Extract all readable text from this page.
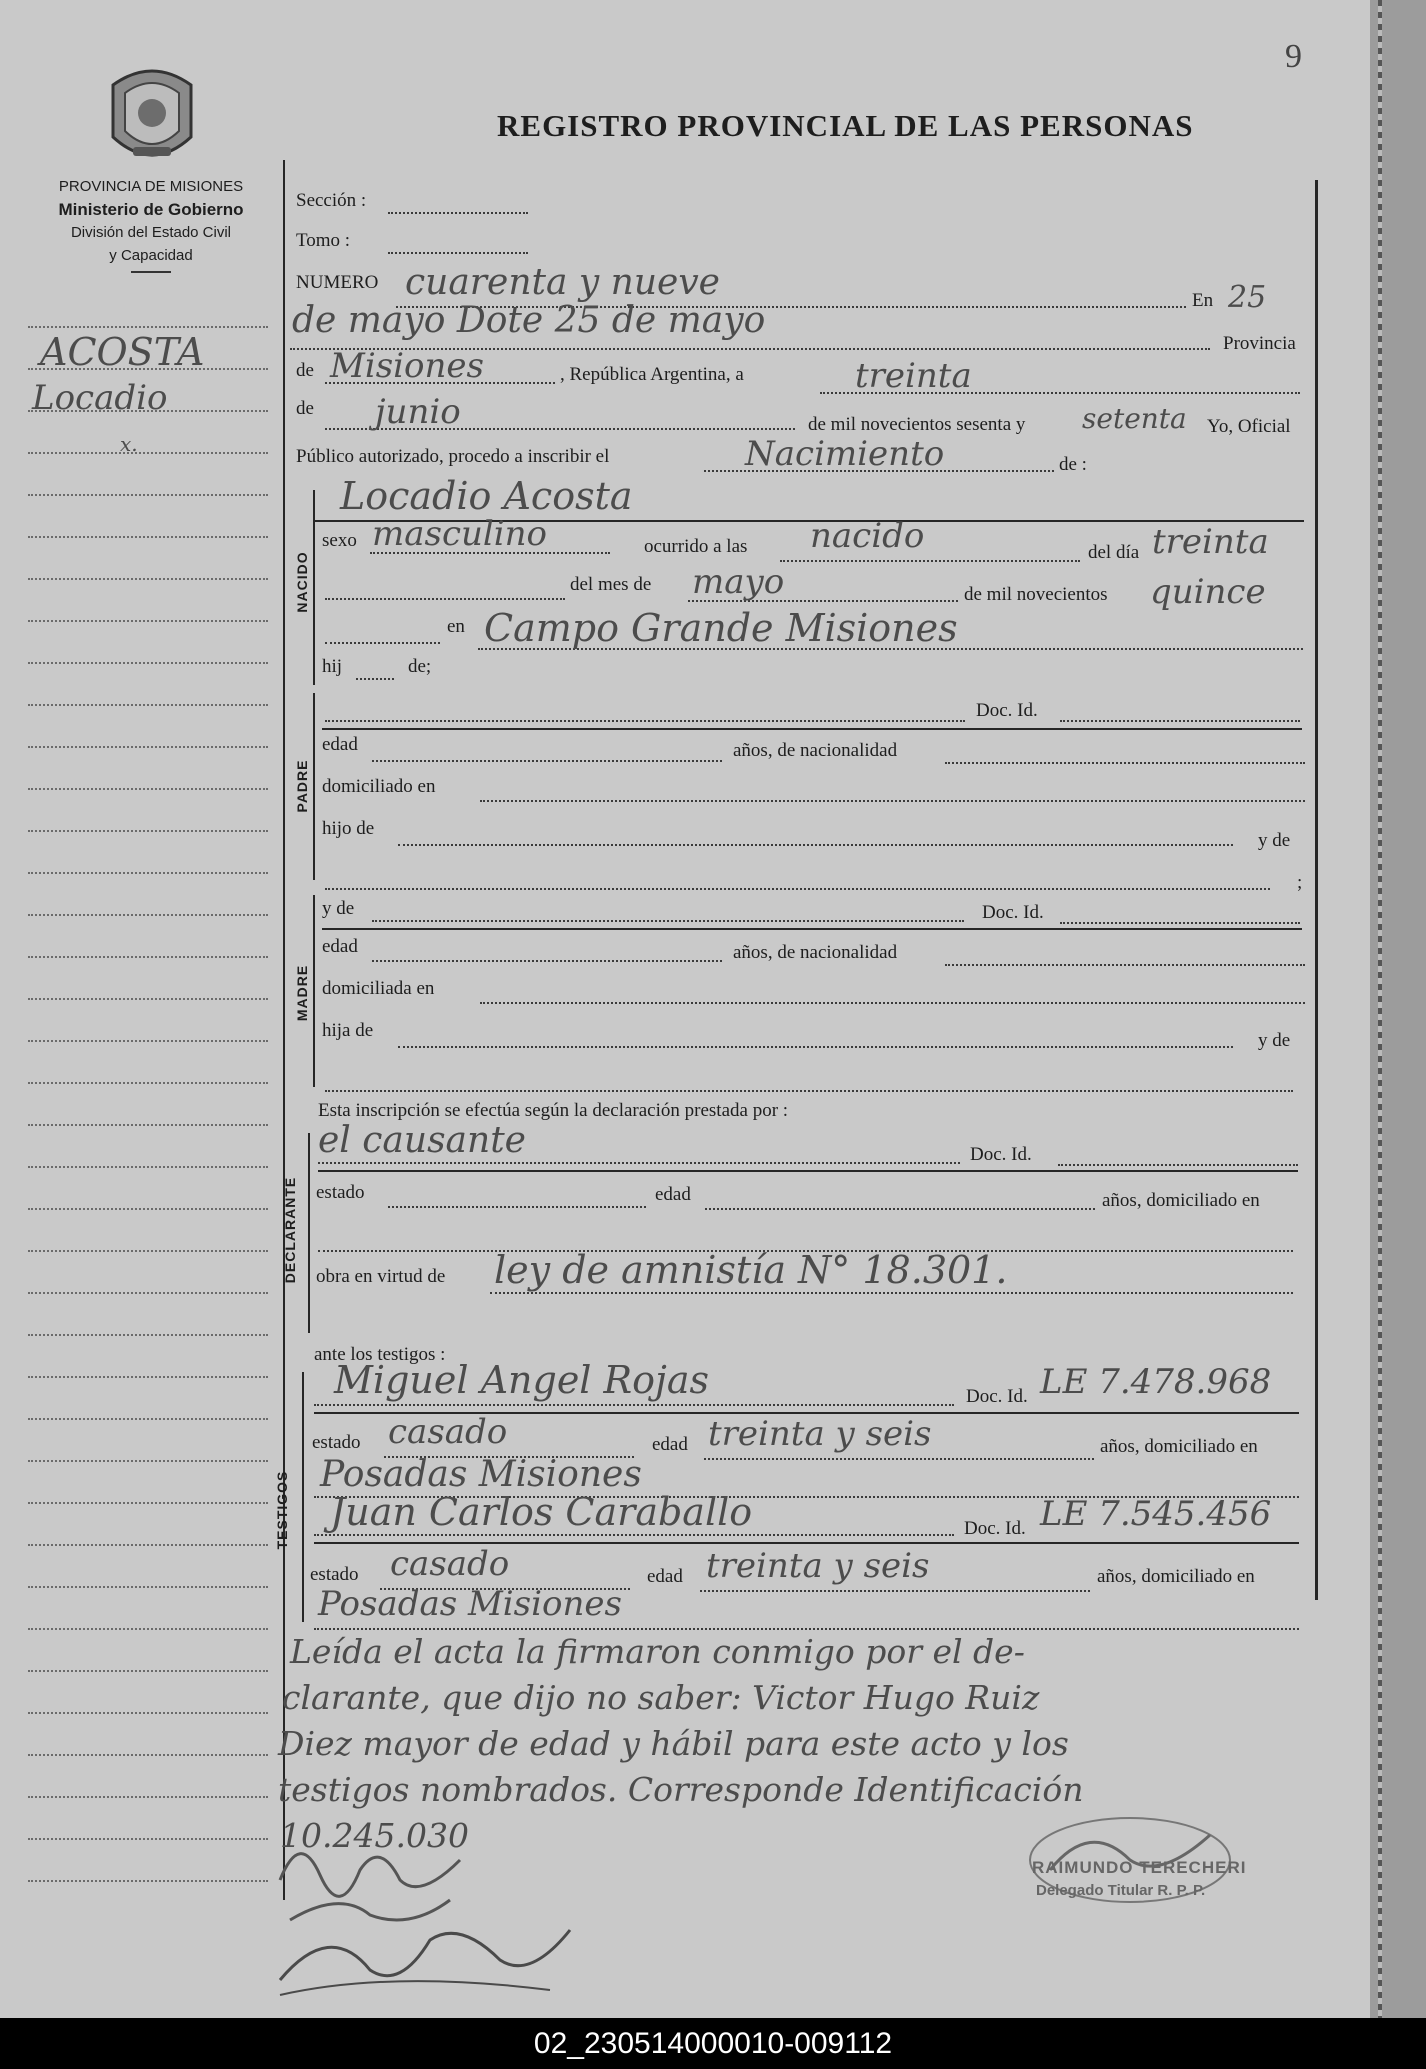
9
REGISTRO PROVINCIAL DE LAS PERSONAS
PROVINCIA DE MISIONES
Ministerio de Gobierno
División del Estado Civil
y Capacidad
ACOSTA
Locadio
x.
Sección :
Tomo :
NUMERO cuarenta y nueve	En 25
de mayo Dote 25 de mayo
Provincia
de Misiones	, República Argentina, a	treinta
de junio	de mil novecientos sesenta y setenta Yo, Oficial
Público autorizado, procedo a inscribir el	Nacimiento	de :
Locadio Acosta
NACIDO
sexo masculino	ocurrido a las nacido	del día treinta
del mes de mayo	de mil novecientos quince
en Campo Grande Misiones
hij	de;
PADRE
Doc. Id.
edad	años, de nacionalidad
domiciliado en
hijo de
y de
;
MADRE
y de	Doc. Id.
edad	años, de nacionalidad
domiciliada en
hija de	y de
Esta inscripción se efectúa según la declaración prestada por :
DECLARANTE
el causante	Doc. Id.
estado	edad	años, domiciliado en
obra en virtud de ley de amnistía N° 18.301.
ante los testigos :
TESTIGOS
Miguel Angel Rojas	Doc. Id. LE 7.478.968
estado casado	edad treinta y seis	años, domiciliado en
Posadas Misiones
Juan Carlos Caraballo	Doc. Id. LE 7.545.456
estado casado	edad treinta y seis	años, domiciliado en
Posadas Misiones
Leída el acta la firmaron conmigo por el de-
clarante, que dijo no saber: Victor Hugo Ruiz
Diez mayor de edad y hábil para este acto y los
testigos nombrados. Corresponde Identificación
10.245.030
RAIMUNDO TERECHERI
Delegado Titular R. P. P.
02_230514000010-009112
